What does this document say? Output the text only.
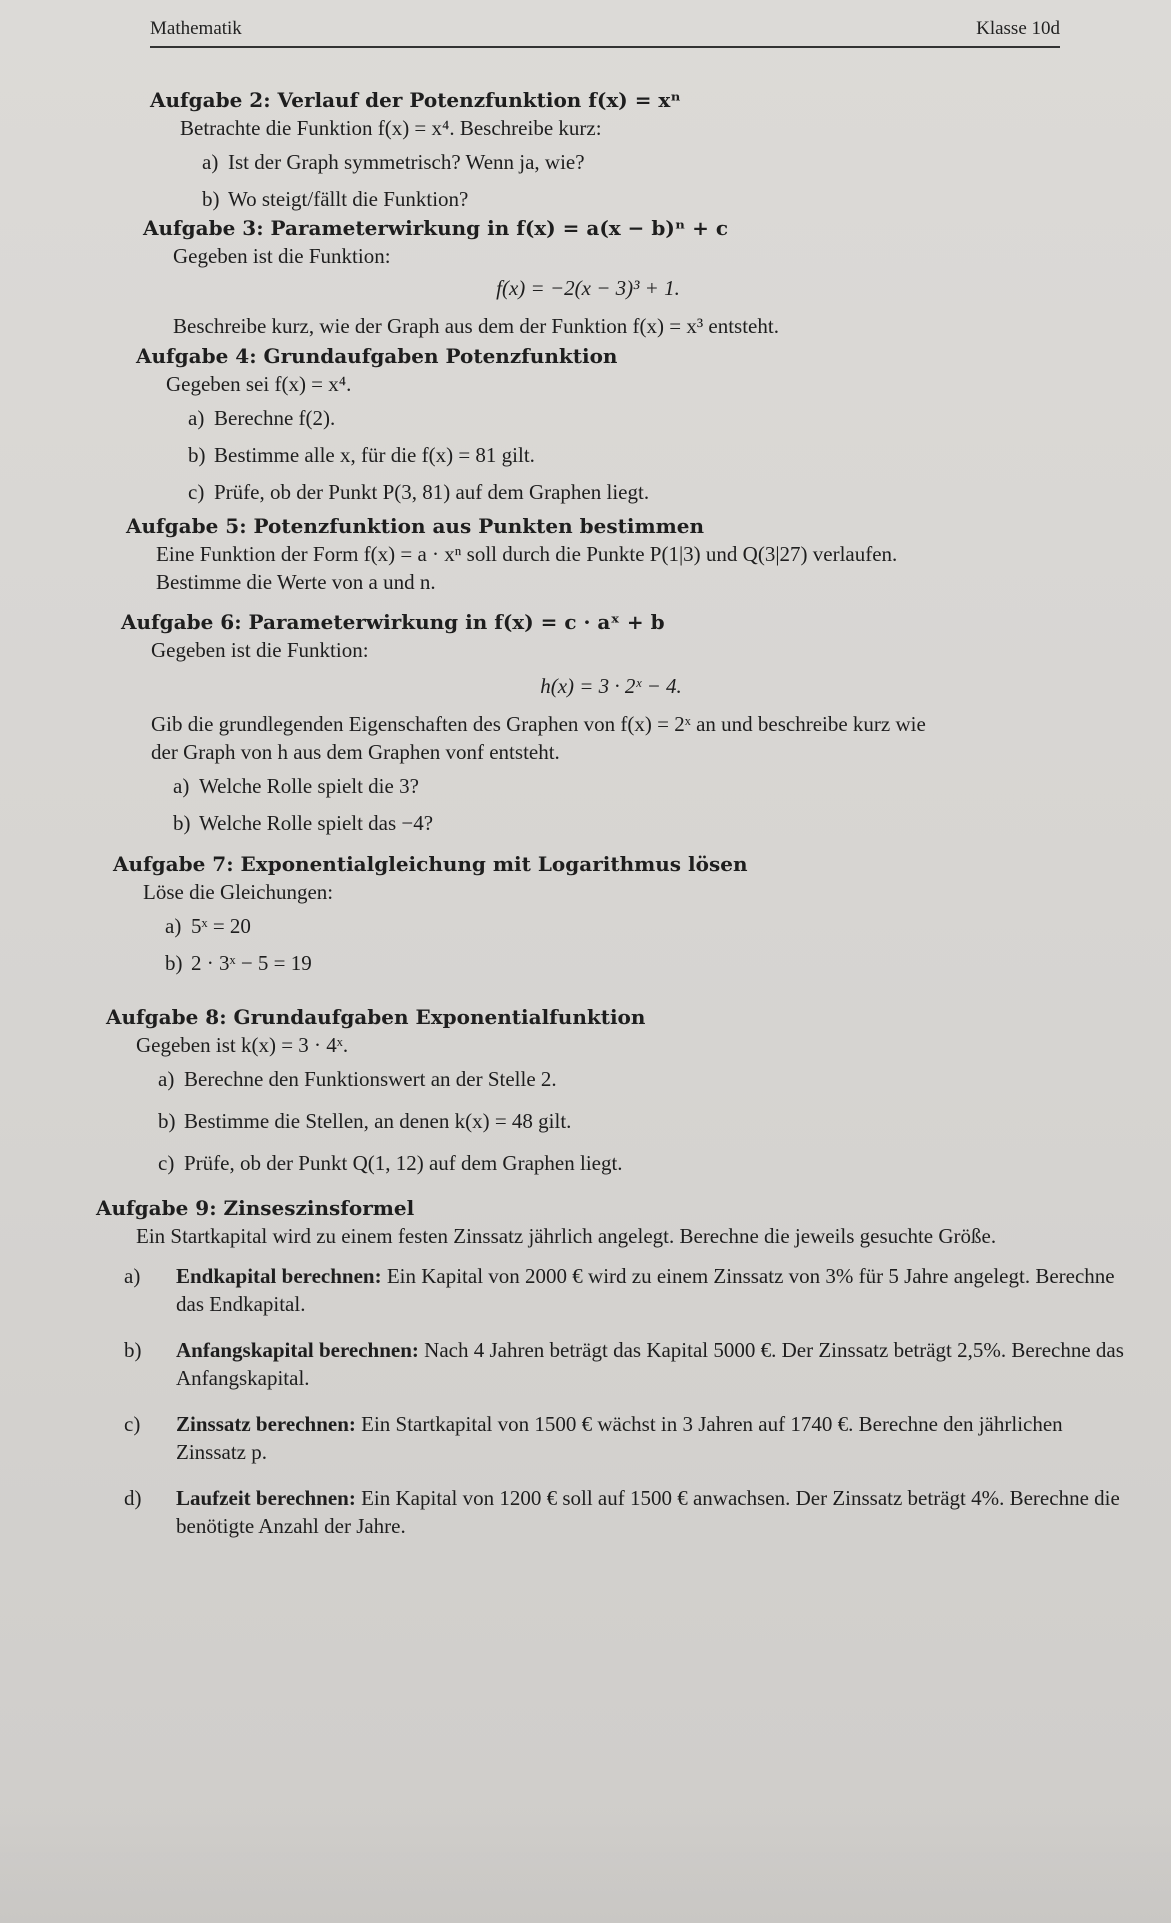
Mathematik	Klasse 10d
Aufgabe 2: Verlauf der Potenzfunktion f(x) = xⁿ
Betrachte die Funktion f(x) = x⁴. Beschreibe kurz:
a) Ist der Graph symmetrisch? Wenn ja, wie?
b) Wo steigt/fällt die Funktion?
Aufgabe 3: Parameterwirkung in f(x) = a(x − b)ⁿ + c
Gegeben ist die Funktion:
f(x) = −2(x − 3)³ + 1.
Beschreibe kurz, wie der Graph aus dem der Funktion f(x) = x³ entsteht.
Aufgabe 4: Grundaufgaben Potenzfunktion
Gegeben sei f(x) = x⁴.
a) Berechne f(2).
b) Bestimme alle x, für die f(x) = 81 gilt.
c) Prüfe, ob der Punkt P(3, 81) auf dem Graphen liegt.
Aufgabe 5: Potenzfunktion aus Punkten bestimmen
Eine Funktion der Form f(x) = a · xⁿ soll durch die Punkte P(1|3) und Q(3|27) verlaufen.
Bestimme die Werte von a und n.
Aufgabe 6: Parameterwirkung in f(x) = c · aˣ + b
Gegeben ist die Funktion:
h(x) = 3 · 2ˣ − 4.
Gib die grundlegenden Eigenschaften des Graphen von f(x) = 2ˣ an und beschreibe kurz wie
der Graph von h aus dem Graphen vonf entsteht.
a) Welche Rolle spielt die 3?
b) Welche Rolle spielt das −4?
Aufgabe 7: Exponentialgleichung mit Logarithmus lösen
Löse die Gleichungen:
a) 5ˣ = 20
b) 2 · 3ˣ − 5 = 19
Aufgabe 8: Grundaufgaben Exponentialfunktion
Gegeben ist k(x) = 3 · 4ˣ.
a) Berechne den Funktionswert an der Stelle 2.
b) Bestimme die Stellen, an denen k(x) = 48 gilt.
c) Prüfe, ob der Punkt Q(1, 12) auf dem Graphen liegt.
Aufgabe 9: Zinseszinsformel
Ein Startkapital wird zu einem festen Zinssatz jährlich angelegt. Berechne die jeweils gesuchte Größe.
a) Endkapital berechnen: Ein Kapital von 2000 € wird zu einem Zinssatz von 3% für 5 Jahre angelegt. Berechne das Endkapital.
b) Anfangskapital berechnen: Nach 4 Jahren beträgt das Kapital 5000 €. Der Zinssatz beträgt 2,5%. Berechne das Anfangskapital.
c) Zinssatz berechnen: Ein Startkapital von 1500 € wächst in 3 Jahren auf 1740 €. Berechne den jährlichen Zinssatz p.
d) Laufzeit berechnen: Ein Kapital von 1200 € soll auf 1500 € anwachsen. Der Zinssatz beträgt 4%. Berechne die benötigte Anzahl der Jahre.
